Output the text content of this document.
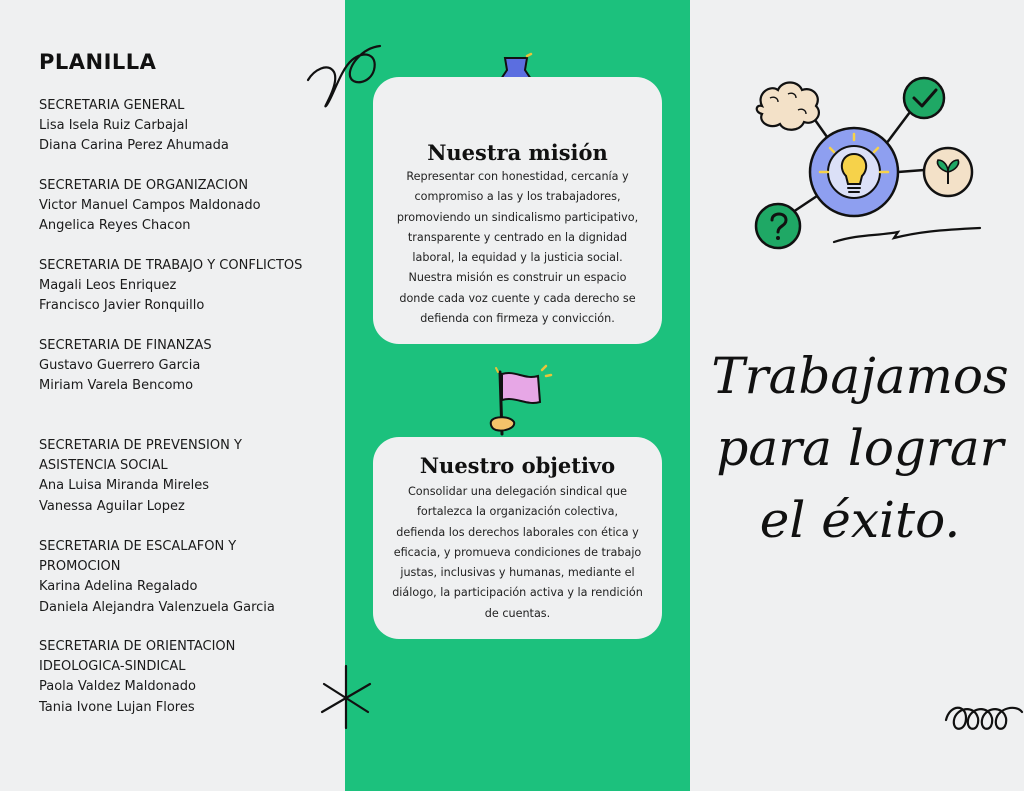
PLANILLA
SECRETARIA GENERAL
Lisa Isela Ruiz Carbajal
Diana Carina Perez Ahumada
SECRETARIA DE ORGANIZACION
Victor Manuel Campos Maldonado
Angelica Reyes Chacon
SECRETARIA DE TRABAJO Y CONFLICTOS
Magali Leos Enriquez
Francisco Javier Ronquillo
SECRETARIA DE FINANZAS
Gustavo Guerrero Garcia
Miriam Varela Bencomo
SECRETARIA DE PREVENSION Y
ASISTENCIA SOCIAL
Ana Luisa Miranda Mireles
Vanessa Aguilar Lopez
SECRETARIA DE ESCALAFON Y
PROMOCION
Karina Adelina Regalado
Daniela Alejandra Valenzuela Garcia
SECRETARIA DE ORIENTACION
IDEOLOGICA-SINDICAL
Paola Valdez Maldonado
Tania Ivone Lujan Flores
Nuestra misión

Representar con honestidad, cercanía y compromiso a las y los trabajadores, promoviendo un sindicalismo participativo, transparente y centrado en la dignidad laboral, la equidad y la justicia social. Nuestra misión es construir un espacio donde cada voz cuente y cada derecho se defienda con firmeza y convicción.

Nuestro objetivo

Consolidar una delegación sindical que fortalezca la organización colectiva, defienda los derechos laborales con ética y eficacia, y promueva condiciones de trabajo justas, inclusivas y humanas, mediante el diálogo, la participación activa y la rendición de cuentas.

Trabajamos
para lograr
el éxito.
